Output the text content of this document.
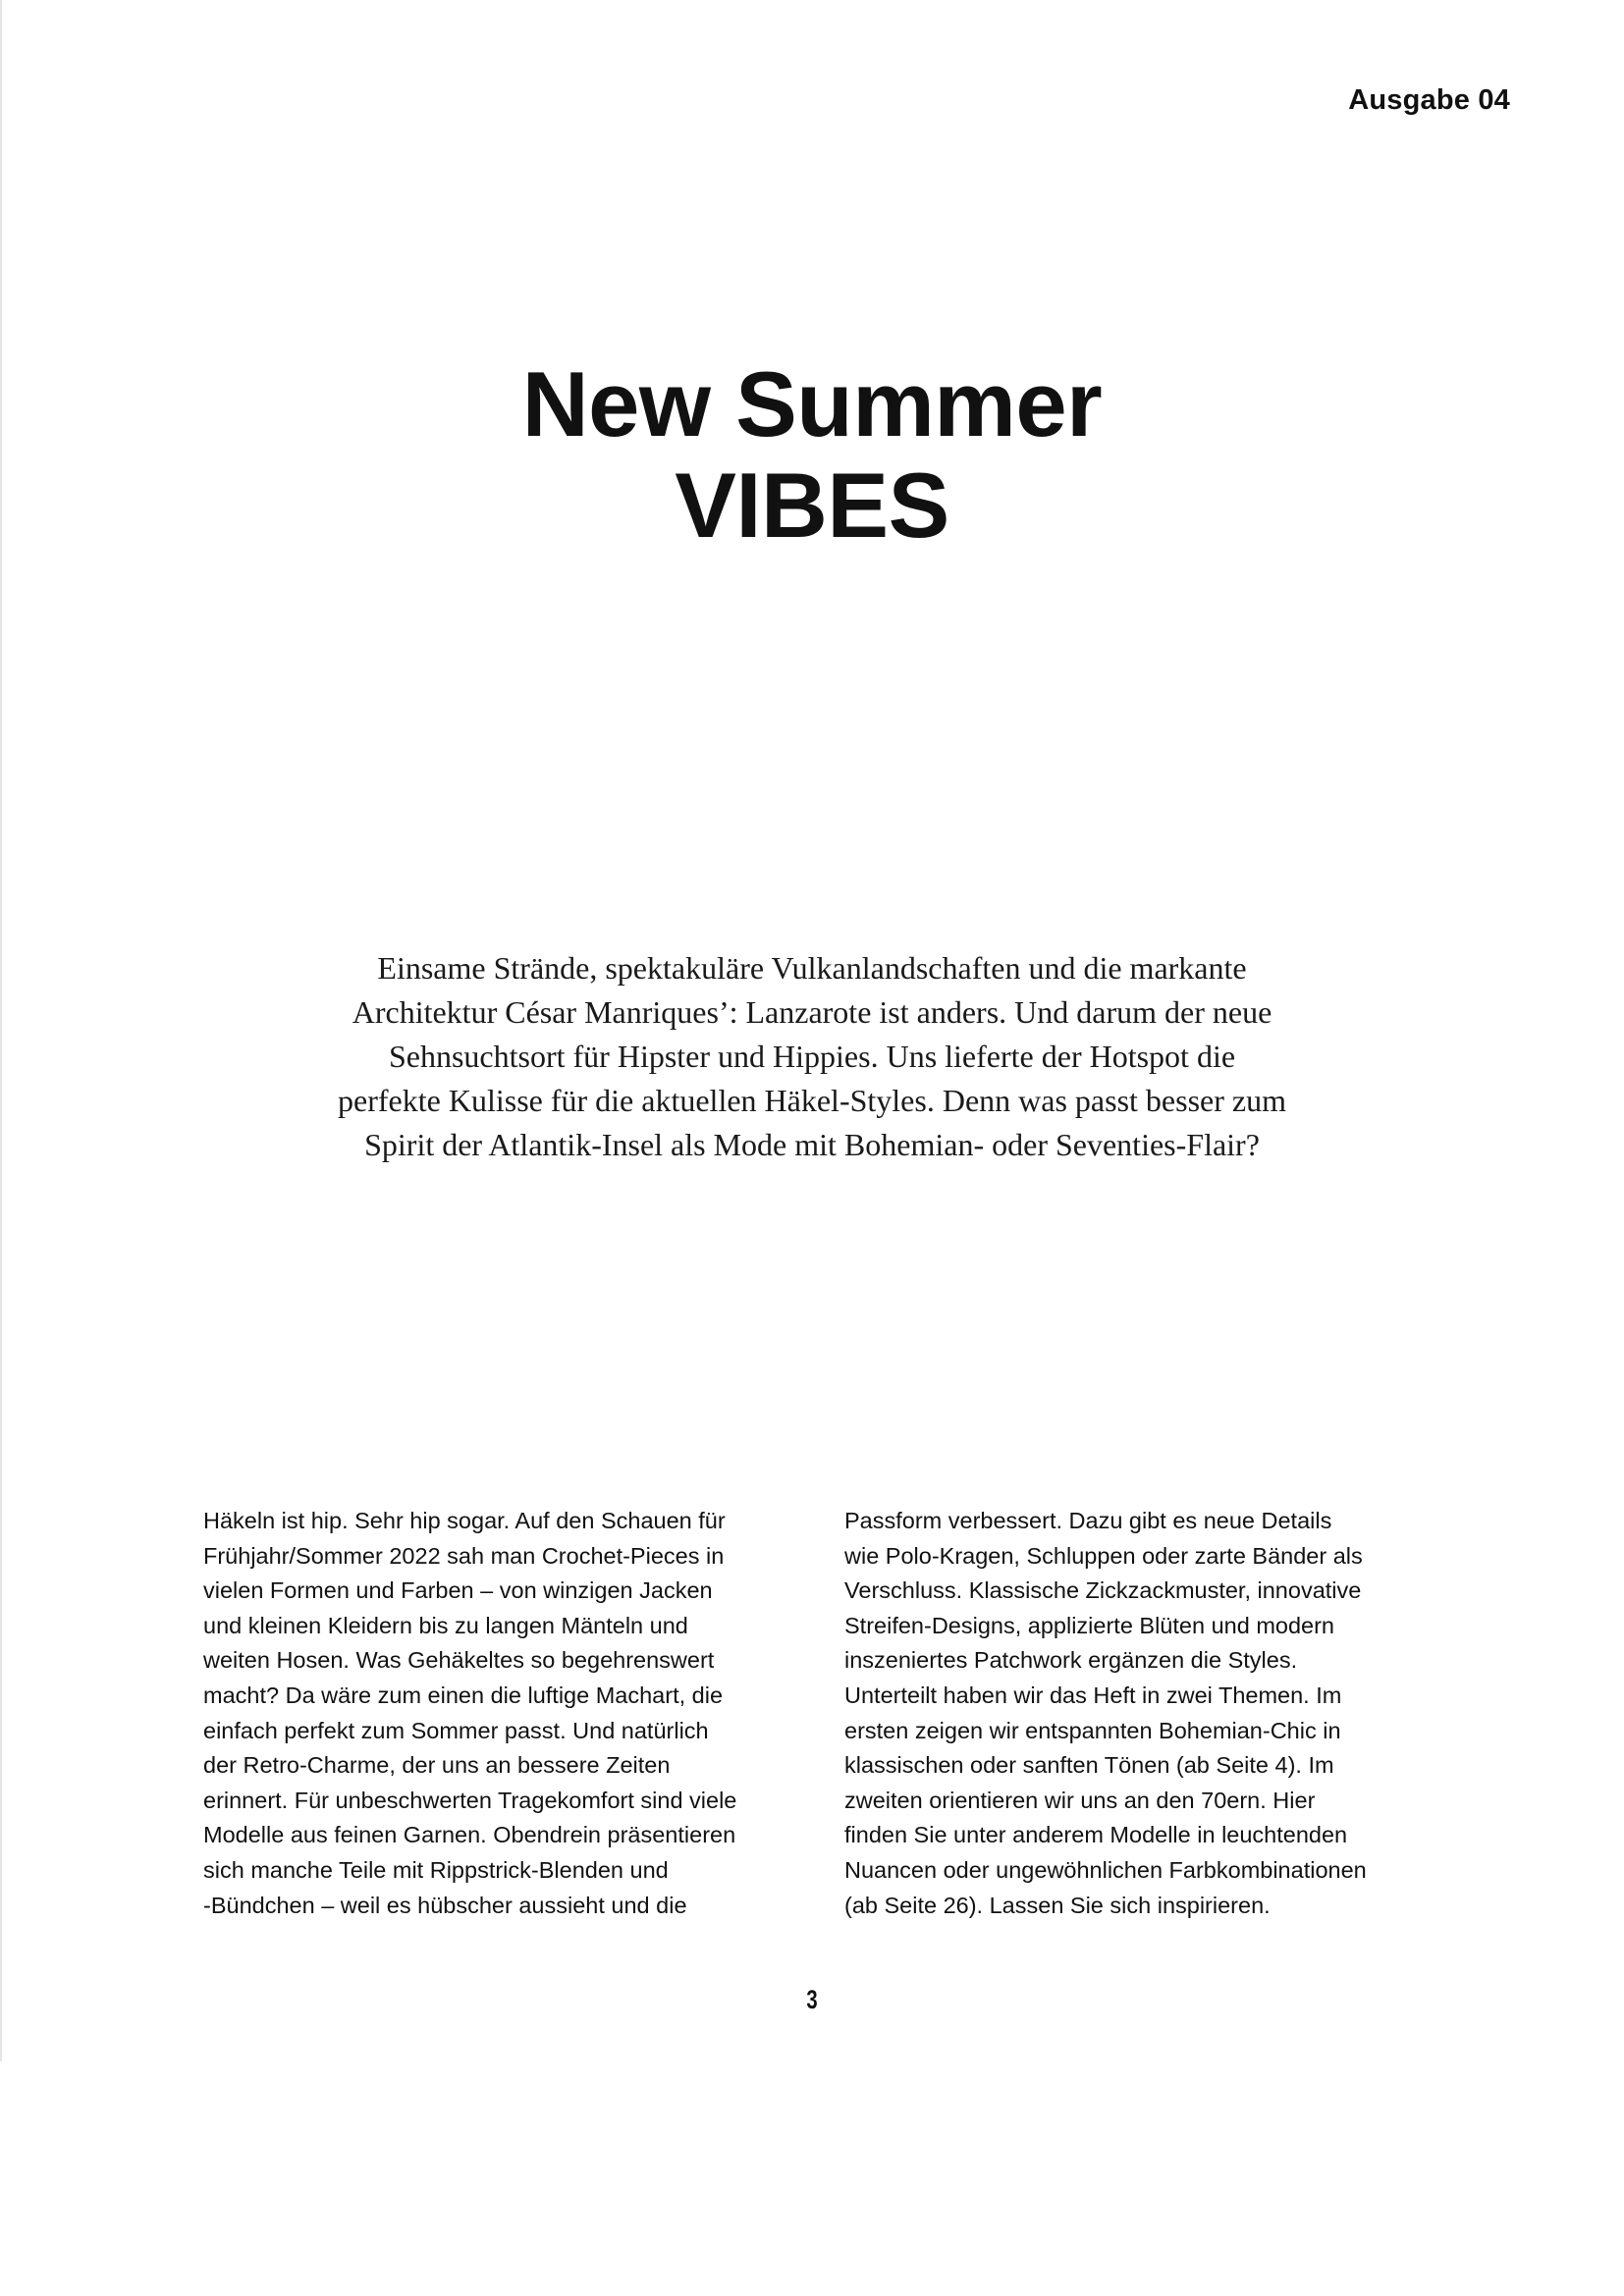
Ausgabe 04

New Summer
VIBES

Einsame Strände, spektakuläre Vulkanlandschaften und die markante
Architektur César Manriques’: Lanzarote ist anders. Und darum der neue
Sehnsuchtsort für Hipster und Hippies. Uns lieferte der Hotspot die
perfekte Kulisse für die aktuellen Häkel-Styles. Denn was passt besser zum
Spirit der Atlantik-Insel als Mode mit Bohemian- oder Seventies-Flair?

Häkeln ist hip. Sehr hip sogar. Auf den Schauen für
Frühjahr/Sommer 2022 sah man Crochet-Pieces in
vielen Formen und Farben – von winzigen Jacken
und kleinen Kleidern bis zu langen Mänteln und
weiten Hosen. Was Gehäkeltes so begehrenswert
macht? Da wäre zum einen die luftige Machart, die
einfach perfekt zum Sommer passt. Und natürlich
der Retro-Charme, der uns an bessere Zeiten
erinnert. Für unbeschwerten Tragekomfort sind viele
Modelle aus feinen Garnen. Obendrein präsentieren
sich manche Teile mit Rippstrick-Blenden und
-Bündchen – weil es hübscher aussieht und die

Passform verbessert. Dazu gibt es neue Details
wie Polo-Kragen, Schluppen oder zarte Bänder als
Verschluss. Klassische Zickzackmuster, innovative
Streifen-Designs, applizierte Blüten und modern
inszeniertes Patchwork ergänzen die Styles.
Unterteilt haben wir das Heft in zwei Themen. Im
ersten zeigen wir entspannten Bohemian-Chic in
klassischen oder sanften Tönen (ab Seite 4). Im
zweiten orientieren wir uns an den 70ern. Hier
finden Sie unter anderem Modelle in leuchtenden
Nuancen oder ungewöhnlichen Farbkombinationen
(ab Seite 26). Lassen Sie sich inspirieren.

3
